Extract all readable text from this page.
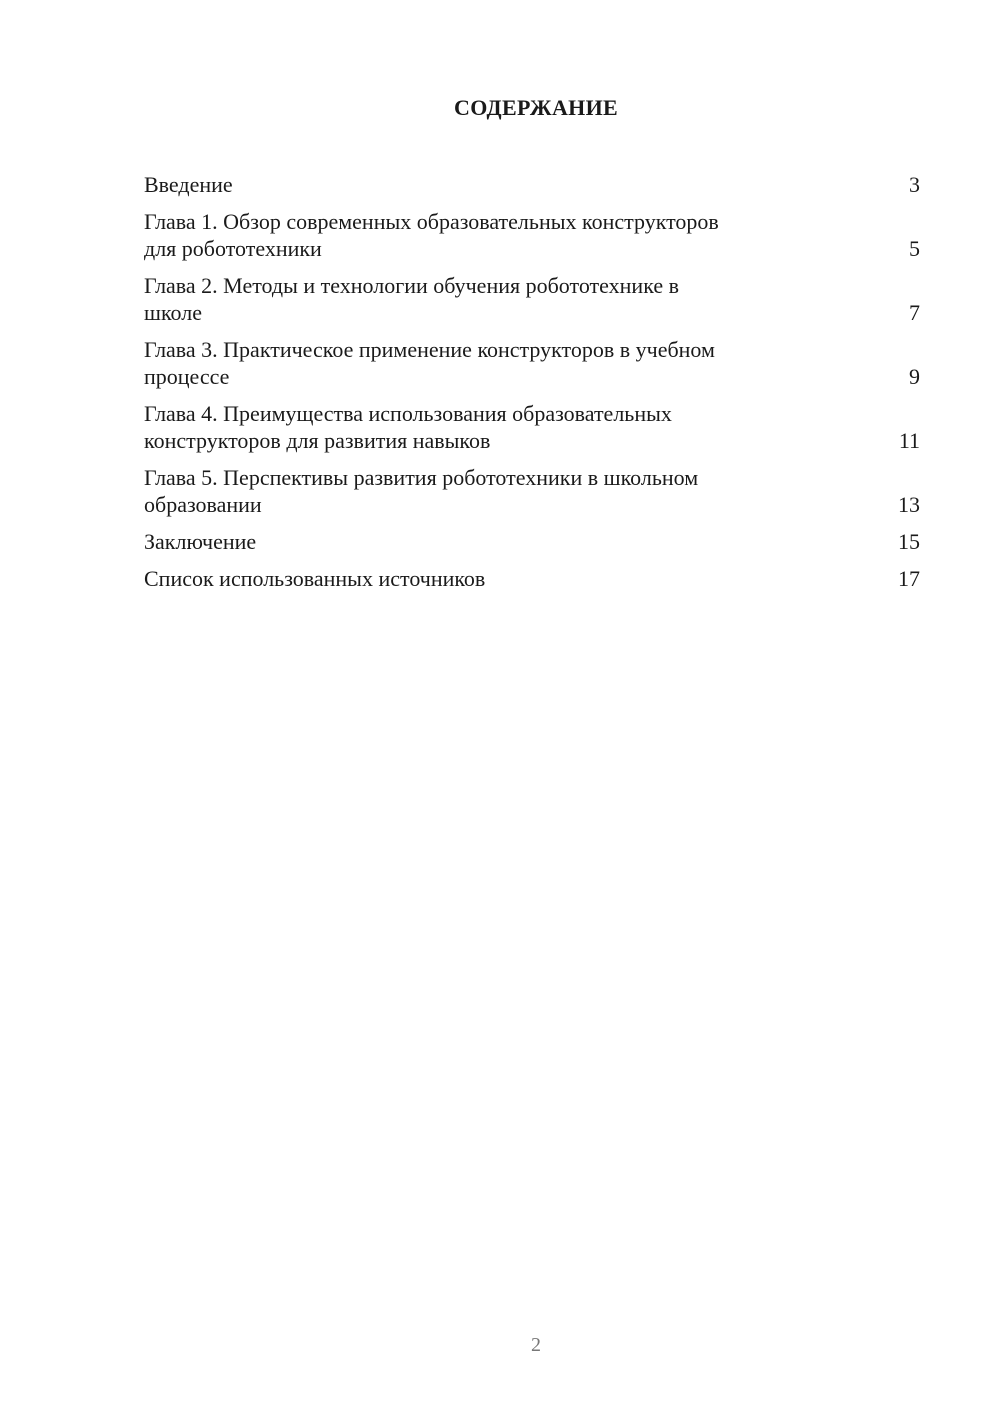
СОДЕРЖАНИЕ
Введение	3
Глава 1. Обзор современных образовательных конструкторов
для робототехники	5
Глава 2. Методы и технологии обучения робототехнике в
школе	7
Глава 3. Практическое применение конструкторов в учебном
процессе	9
Глава 4. Преимущества использования образовательных
конструкторов для развития навыков	11
Глава 5. Перспективы развития робототехники в школьном
образовании	13
Заключение	15
Список использованных источников	17
2
